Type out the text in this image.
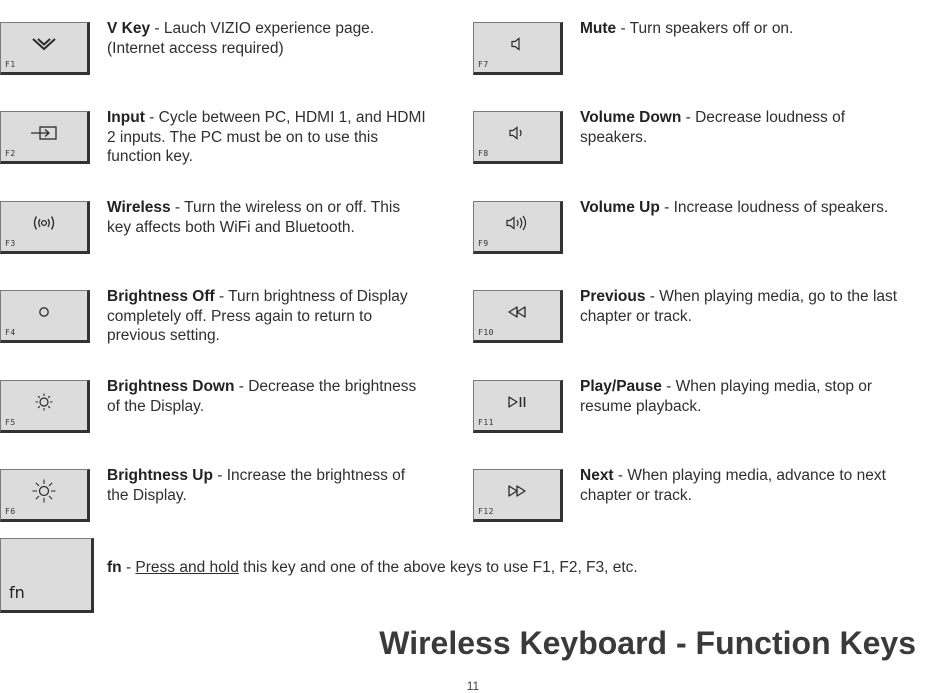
F1
V Key - Lauch VIZIO experience page. (Internet access required)
F2
Input - Cycle between PC, HDMI 1, and HDMI 2 inputs. The PC must be on to use this function key.
F3
Wireless - Turn the wireless on or off. This key affects both WiFi and Bluetooth.
F4
Brightness Off - Turn brightness of Display completely off. Press again to return to previous setting.
F5
Brightness Down - Decrease the brightness of the Display.
F6
Brightness Up - Increase the brightness of the Display.
F7
Mute - Turn speakers off or on.
F8
Volume Down - Decrease loudness of speakers.
F9
Volume Up - Increase loudness of speakers.
F10
Previous - When playing media, go to the last chapter or track.
F11
Play/Pause - When playing media, stop or resume playback.
F12
Next - When playing media, advance to next chapter or track.
fn
fn - Press and hold this key and one of the above keys to use F1, F2, F3, etc.
Wireless Keyboard - Function Keys
11
